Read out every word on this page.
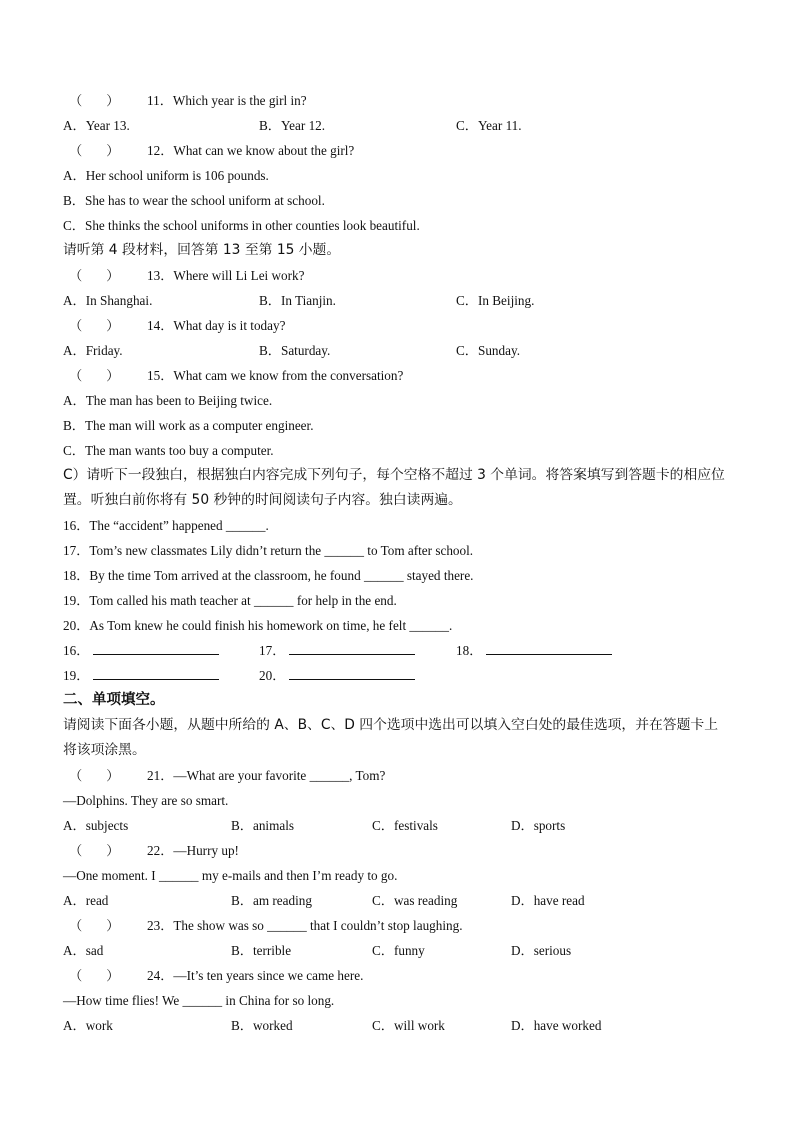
（ ） 11．Which year is the girl in?
A．Year 13.	B．Year 12.	C．Year 11.
（ ） 12．What can we know about the girl?
A．Her school uniform is 106 pounds.
B．She has to wear the school uniform at school.
C．She thinks the school uniforms in other counties look beautiful.
请听第 4 段材料，回答第 13 至第 15 小题。
（ ） 13．Where will Li Lei work?
A．In Shanghai.	B．In Tianjin.	C．In Beijing.
（ ） 14．What day is it today?
A．Friday.	B．Saturday.	C．Sunday.
（ ） 15．What cam we know from the conversation?
A．The man has been to Beijing twice.
B．The man will work as a computer engineer.
C．The man wants too buy a computer.
C）请听下一段独白，根据独白内容完成下列句子，每个空格不超过 3 个单词。将答案填写到答题卡的相应位
置。听独白前你将有 50 秒钟的时间阅读句子内容。独白读两遍。
16．The “accident” happened ______.
17．Tom’s new classmates Lily didn’t return the ______ to Tom after school.
18．By the time Tom arrived at the classroom, he found ______ stayed there.
19．Tom called his math teacher at ______ for help in the end.
20．As Tom knew he could finish his homework on time, he felt ______.
16．	17．	18．
19．	20．
二、单项填空。
请阅读下面各小题，从题中所给的 A、B、C、D 四个选项中选出可以填入空白处的最佳选项，并在答题卡上
将该项涂黑。
（ ） 21．—What are your favorite ______, Tom?
—Dolphins. They are so smart.
A．subjects	B．animals	C．festivals	D．sports
（ ） 22．—Hurry up!
—One moment. I ______ my e-mails and then I’m ready to go.
A．read	B．am reading	C．was reading	D．have read
（ ） 23．The show was so ______ that I couldn’t stop laughing.
A．sad	B．terrible	C．funny	D．serious
（ ） 24．—It’s ten years since we came here.
—How time flies! We ______ in China for so long.
A．work	B．worked	C．will work	D．have worked
